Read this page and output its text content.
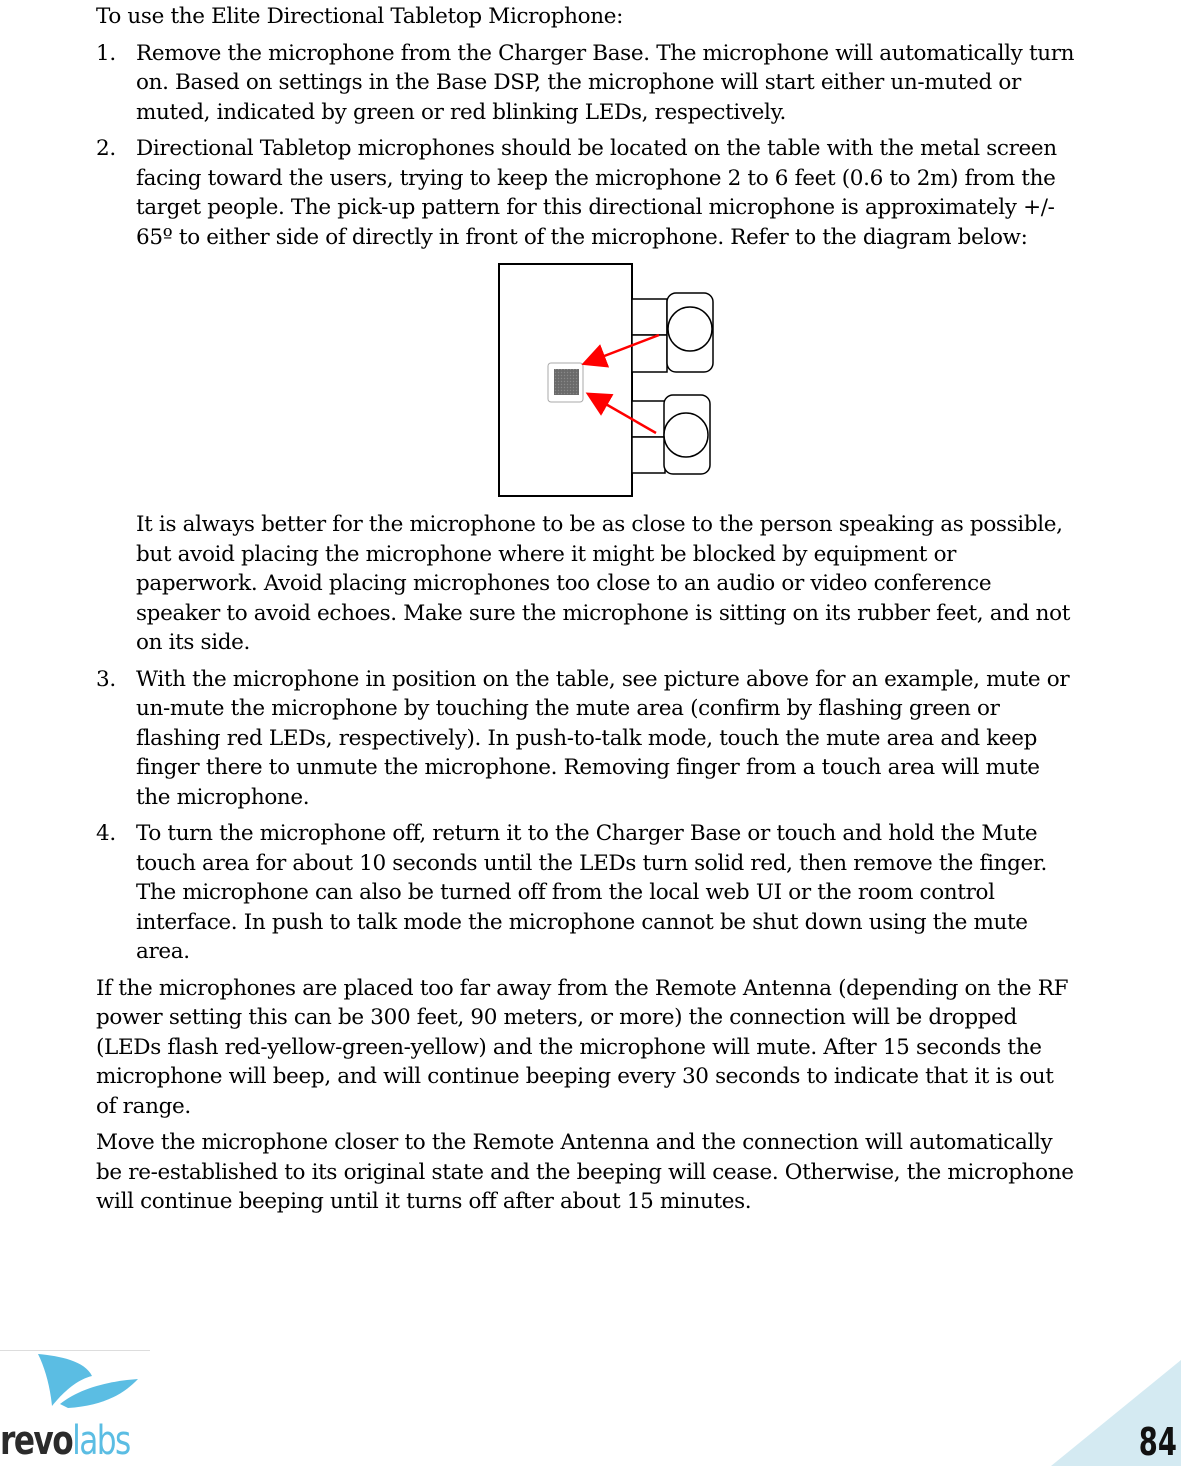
To use the Elite Directional Tabletop Microphone:

1. Remove the microphone from the Charger Base. The microphone will automatically turn on. Based on settings in the Base DSP, the microphone will start either un-muted or muted, indicated by green or red blinking LEDs, respectively.
2. Directional Tabletop microphones should be located on the table with the metal screen facing toward the users, trying to keep the microphone 2 to 6 feet (0.6 to 2m) from the target people. The pick-up pattern for this directional microphone is approximately +/- 65º to either side of directly in front of the microphone. Refer to the diagram below:

It is always better for the microphone to be as close to the person speaking as possible, but avoid placing the microphone where it might be blocked by equipment or paperwork. Avoid placing microphones too close to an audio or video conference speaker to avoid echoes. Make sure the microphone is sitting on its rubber feet, and not on its side.

3. With the microphone in position on the table, see picture above for an example, mute or un-mute the microphone by touching the mute area (confirm by flashing green or flashing red LEDs, respectively). In push-to-talk mode, touch the mute area and keep finger there to unmute the microphone. Removing finger from a touch area will mute the microphone.
4. To turn the microphone off, return it to the Charger Base or touch and hold the Mute touch area for about 10 seconds until the LEDs turn solid red, then remove the finger. The microphone can also be turned off from the local web UI or the room control interface. In push to talk mode the microphone cannot be shut down using the mute area.

If the microphones are placed too far away from the Remote Antenna (depending on the RF power setting this can be 300 feet, 90 meters, or more) the connection will be dropped (LEDs flash red-yellow-green-yellow) and the microphone will mute. After 15 seconds the microphone will beep, and will continue beeping every 30 seconds to indicate that it is out of range.

Move the microphone closer to the Remote Antenna and the connection will automatically be re-established to its original state and the beeping will cease. Otherwise, the microphone will continue beeping until it turns off after about 15 minutes.

revolabs	84
